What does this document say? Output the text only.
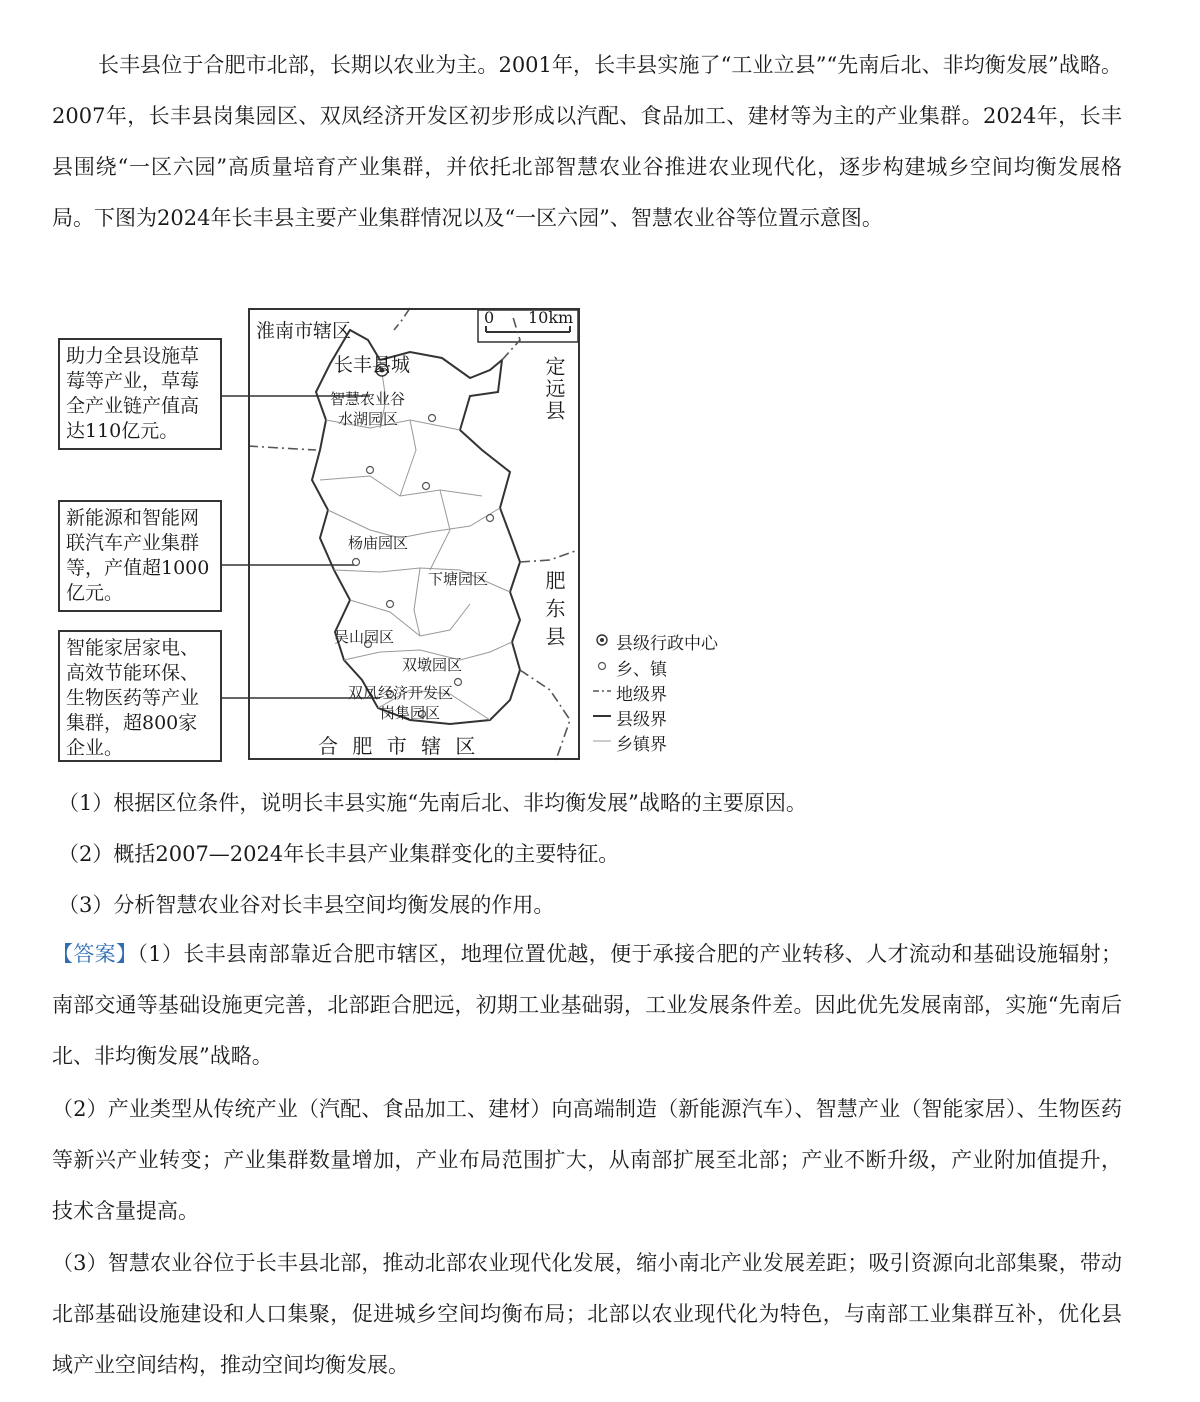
长丰县位于合肥市北部，长期以农业为主。2001年，长丰县实施了“工业立县”“先南后北、非均衡发展”战略。2007年，长丰县岗集园区、双凤经济开发区初步形成以汽配、食品加工、建材等为主的产业集群。2024年，长丰县围绕“一区六园”高质量培育产业集群，并依托北部智慧农业谷推进农业现代化，逐步构建城乡空间均衡发展格局。下图为2024年长丰县主要产业集群情况以及“一区六园”、智慧农业谷等位置示意图。

助力全县设施草莓等产业，草莓全产业链产值高达110亿元。
新能源和智能网联汽车产业集群等，产值超1000亿元。
智能家居家电、高效节能环保、生物医药等产业集群，超800家企业。
淮南市辖区
0 10km
长丰县城
智慧农业谷
水湖园区
杨庙园区
下塘园区
吴山园区
双墩园区
双凤经济开发区
岗集园区
定远县
肥东县
合 肥 市 辖 区
县级行政中心
乡、镇
地级界
县级界
乡镇界

（1）根据区位条件，说明长丰县实施“先南后北、非均衡发展”战略的主要原因。

（2）概括2007—2024年长丰县产业集群变化的主要特征。

（3）分析智慧农业谷对长丰县空间均衡发展的作用。

【答案】（1）长丰县南部靠近合肥市辖区，地理位置优越，便于承接合肥的产业转移、人才流动和基础设施辐射；南部交通等基础设施更完善，北部距合肥远，初期工业基础弱，工业发展条件差。因此优先发展南部，实施“先南后北、非均衡发展”战略。
（2）产业类型从传统产业（汽配、食品加工、建材）向高端制造（新能源汽车）、智慧产业（智能家居）、生物医药等新兴产业转变；产业集群数量增加，产业布局范围扩大，从南部扩展至北部；产业不断升级，产业附加值提升，技术含量提高。
（3）智慧农业谷位于长丰县北部，推动北部农业现代化发展，缩小南北产业发展差距；吸引资源向北部集聚，带动北部基础设施建设和人口集聚，促进城乡空间均衡布局；北部以农业现代化为特色，与南部工业集群互补，优化县域产业空间结构，推动空间均衡发展。
